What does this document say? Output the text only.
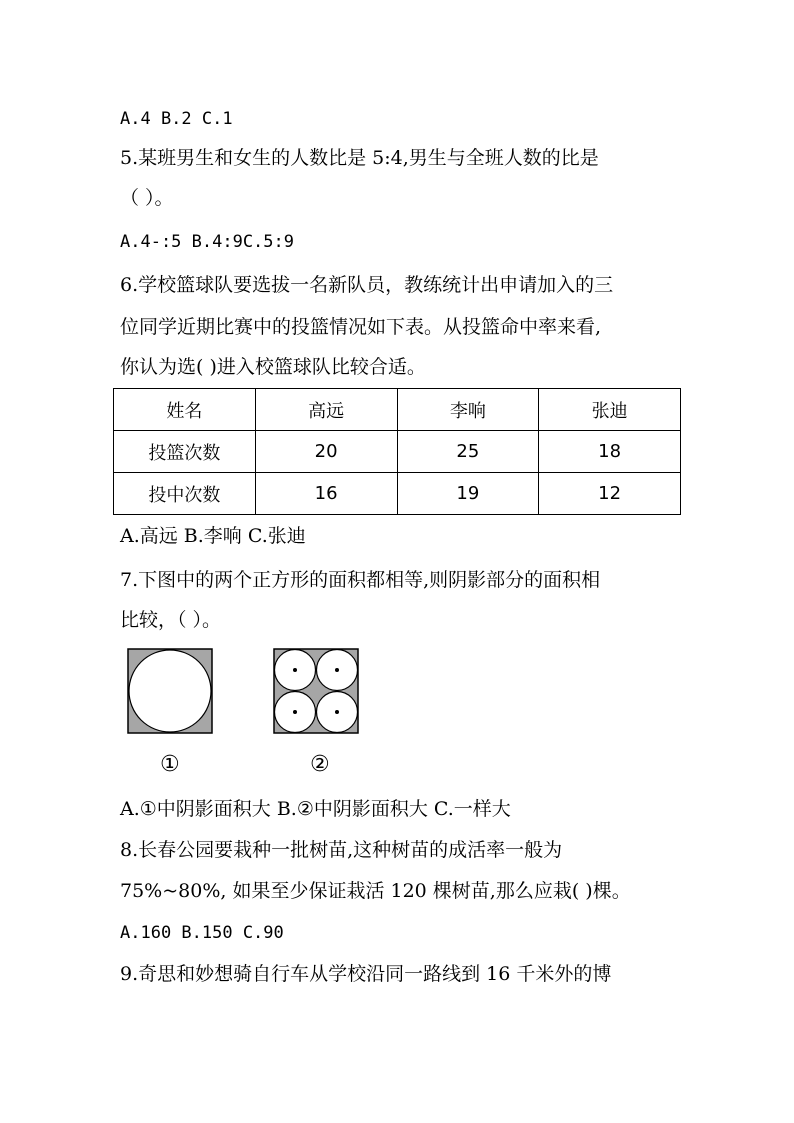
A.4 B.2 C.1
5.某班男生和女生的人数比是 5:4,男生与全班人数的比是
（ ）。
A.4-:5 B.4:9C.5:9
6.学校篮球队要选拔一名新队员，教练统计出申请加入的三
位同学近期比赛中的投篮情况如下表。从投篮命中率来看,
你认为选( )进入校篮球队比较合适。
姓名	高远	李响	张迪
投篮次数	20	25	18
投中次数	16	19	12
A.高远 B.李响 C.张迪
7.下图中的两个正方形的面积都相等,则阴影部分的面积相
比较，（ ）。
①	②
A.①中阴影面积大 B.②中阴影面积大 C.一样大
8.长春公园要栽种一批树苗,这种树苗的成活率一般为
75%~80%, 如果至少保证栽活 120 棵树苗,那么应栽( )棵。
A.160 B.150 C.90
9.奇思和妙想骑自行车从学校沿同一路线到 16 千米外的博
